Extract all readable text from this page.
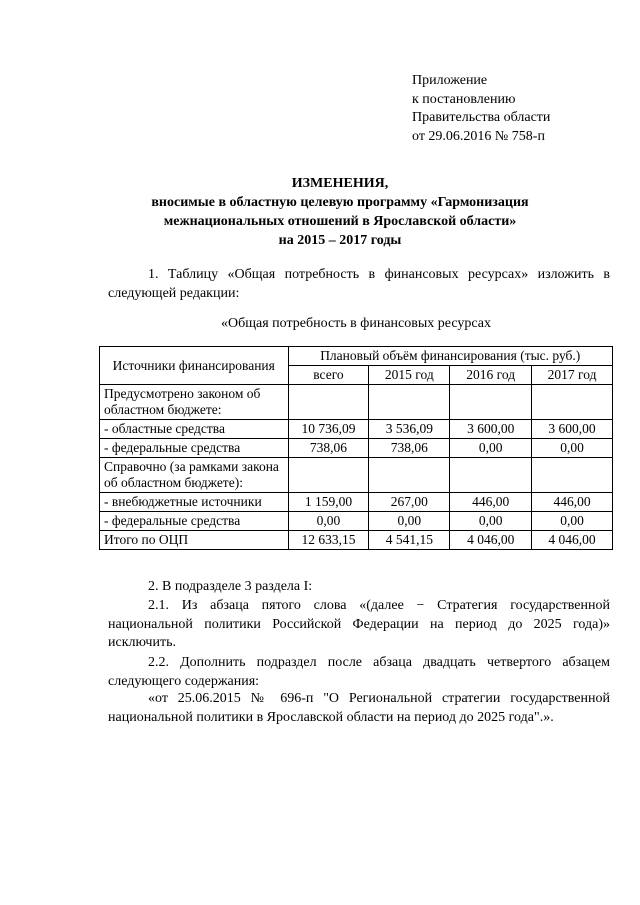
Приложение
к постановлению
Правительства области
от 29.06.2016 № 758-п
ИЗМЕНЕНИЯ,
вносимые в областную целевую программу «Гармонизация
межнациональных отношений в Ярославской области»
на 2015 – 2017 годы
1. Таблицу «Общая потребность в финансовых ресурсах» изложить в следующей редакции:
«Общая потребность в финансовых ресурсах
Источники финансирования	Плановый объём финансирования (тыс. руб.)			
	всего	2015 год	2016 год	2017 год
Предусмотрено законом об областном бюджете:				
- областные средства	10 736,09	3 536,09	3 600,00	3 600,00
- федеральные средства	738,06	738,06	0,00	0,00
Справочно (за рамками закона об областном бюджете):				
- внебюджетные источники	1 159,00	267,00	446,00	446,00
- федеральные средства	0,00	0,00	0,00	0,00
Итого по ОЦП	12 633,15	4 541,15	4 046,00	4 046,00
2. В подразделе 3 раздела I:
2.1. Из абзаца пятого слова «(далее − Стратегия государственной национальной политики Российской Федерации на период до 2025 года)» исключить.
2.2. Дополнить подраздел после абзаца двадцать четвертого абзацем следующего содержания:
«от 25.06.2015 № 696-п "О Региональной стратегии государственной национальной политики в Ярославской области на период до 2025 года".».
